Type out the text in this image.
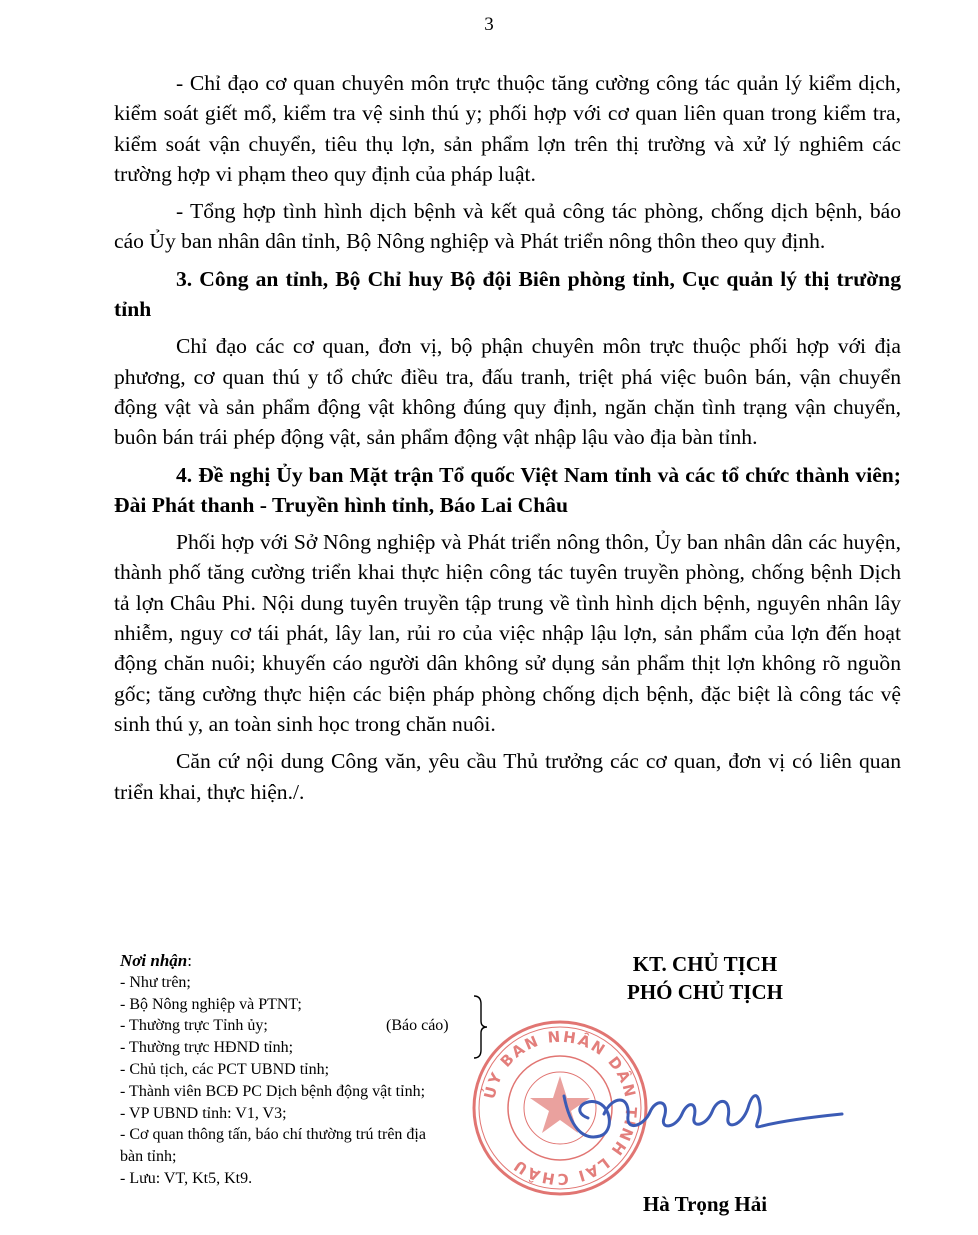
3

- Chỉ đạo cơ quan chuyên môn trực thuộc tăng cường công tác quản lý kiểm dịch, kiểm soát giết mổ, kiểm tra vệ sinh thú y; phối hợp với cơ quan liên quan trong kiểm tra, kiểm soát vận chuyển, tiêu thụ lợn, sản phẩm lợn trên thị trường và xử lý nghiêm các trường hợp vi phạm theo quy định của pháp luật.

- Tổng hợp tình hình dịch bệnh và kết quả công tác phòng, chống dịch bệnh, báo cáo Ủy ban nhân dân tỉnh, Bộ Nông nghiệp và Phát triển nông thôn theo quy định.

3. Công an tỉnh, Bộ Chỉ huy Bộ đội Biên phòng tỉnh, Cục quản lý thị trường tỉnh

Chỉ đạo các cơ quan, đơn vị, bộ phận chuyên môn trực thuộc phối hợp với địa phương, cơ quan thú y tổ chức điều tra, đấu tranh, triệt phá việc buôn bán, vận chuyển động vật và sản phẩm động vật không đúng quy định, ngăn chặn tình trạng vận chuyển, buôn bán trái phép động vật, sản phẩm động vật nhập lậu vào địa bàn tỉnh.

4. Đề nghị Ủy ban Mặt trận Tổ quốc Việt Nam tỉnh và các tổ chức thành viên; Đài Phát thanh - Truyền hình tỉnh, Báo Lai Châu

Phối hợp với Sở Nông nghiệp và Phát triển nông thôn, Ủy ban nhân dân các huyện, thành phố tăng cường triển khai thực hiện công tác tuyên truyền phòng, chống bệnh Dịch tả lợn Châu Phi. Nội dung tuyên truyền tập trung về tình hình dịch bệnh, nguyên nhân lây nhiễm, nguy cơ tái phát, lây lan, rủi ro của việc nhập lậu lợn, sản phẩm của lợn đến hoạt động chăn nuôi; khuyến cáo người dân không sử dụng sản phẩm thịt lợn không rõ nguồn gốc; tăng cường thực hiện các biện pháp phòng chống dịch bệnh, đặc biệt là công tác vệ sinh thú y, an toàn sinh học trong chăn nuôi.

Căn cứ nội dung Công văn, yêu cầu Thủ trưởng các cơ quan, đơn vị có liên quan triển khai, thực hiện./.

Nơi nhận:
- Như trên;
- Bộ Nông nghiệp và PTNT;
- Thường trực Tỉnh ủy;
- Thường trực HĐND tỉnh;
- Chủ tịch, các PCT UBND tỉnh;
- Thành viên BCĐ PC Dịch bệnh động vật tỉnh;
- VP UBND tỉnh: V1, V3;
- Cơ quan thông tấn, báo chí thường trú trên địa
bàn tỉnh;
- Lưu: VT, Kt5, Kt9.
(Báo cáo)
KT. CHỦ TỊCH
PHÓ CHỦ TỊCH
ỦY BAN NHÂN DÂN TỈNH LAI CHÂU
Hà Trọng Hải
